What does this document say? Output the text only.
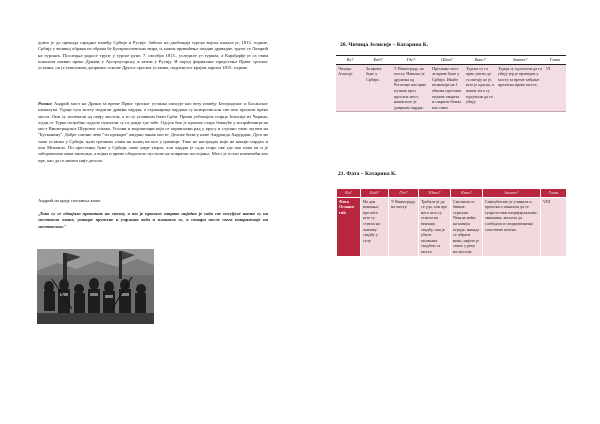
довео је до прекида сарадње између Србије и Русије. Забило на двобиција турска војска напала је, 1813. године, Србију у великој обрани из обрана бе Бугарополевских мира, и, након примаћење опадне дравадне, трупе се Лазарић на турских. Последње радисе трупе у турске руке, 7. октобра 1813., уследиле уз турком, а Карађорђе је са свим покољем изавио преко Дунава у Аустроугарску, в затим у Русију. И поред формалног предосење Првог српског устанка, он је умпотноке допринео основе Другог српског устанка, подигнутог крајем априла 1815. године.

Роман: Андрић мост на Дрини за време Првог српског устанка описује као везу између Београдског и Босанског пашалука. Турци суш мосту подигли дрвени чардак, а стражарица чардака су контролисали све што пролази преко моста. Они су захтевали од свију мостом, а то су углавном били Срби. Према уобичајем старца Јелисије из Чарина, људи се Турке потребно лудале пуштали су га довде где забе. Одсјек био је прошао старо бакнуће у испраћеници на мост Вишеградског Шуровог сокака. Услови и водоничари који се окривљени рад у кругу и слушно тамо лупати на "Бутковину". Дабре сличне лепе "ти прекори" ажурно чанак мосте. Делове били у нове Андроида Харурдин. Дуго не тамо устанка у Србији, њим грешних глава на колац на коп у граници. Тако не настрадао није на капији смрдео и поп Михаило. По престанку буне у Србији, нове умре умрла, али чардак је сада старо ове где око нова па и је заборављена овна записана, а војни и време обпротило пустоше на повратак постојање. Мост је остао кличевећи као пре, као да се ништа није десило.

Андрић на крају поглавља каже:

„Тако су се одвијала праштањ на мосту, а то је пропало заправо ниједно је сада све посуђеле копње су на мостовске овине, уоквире пружене и умрљана вода и плашило се, а ствари после свега потражиоје на мостовском."

20. Чичица Јелисије – Катарина К.
Ко?	Кад?	Где?	Шта?	Како?	Зашто?	Глава
Чичица Јелисије	За време буне у Србији.	У Вишеграду, на мосту. Наишао је дружена од Рогатице као прве путник кроз просаси мост, након што је довршен чардак.	Пресвано мост за време буне у Србији. Имаће позначаји на 1 обнова престане медене свиреза и сакрити бежао као смеи.	Турска су га прво увели да га питају ко је, што је одаско, а након тога су одлучили да га убију.	Турци су одлучили да га убију јер је проведен у мосту за време забране преласка преко моста.	VI
21. Фата – Катарина К.
Ко?	Кад?	Где?	Шта?	Како?	Зашто?	Глава
Фата Османа-гић	На дан венчања, пре него што су стигли на ловачку свадбу у селу	У Вишеграду, на мосту.	Требала је да се уда, али пре него што су стигли на венчану свадбу, она је убиле оплакана свадбом са моста.	Сиговала се бивша стрпљва. Чекала моћи на капији ограде, никада се обрати нико, нијеле је свиле у реку на мостом.	Самоубиство је учинила и приоска о поналом да се супротстави патријархалним законима, жељела да слободом и спорновеначно сопствено колеко.	VIII
